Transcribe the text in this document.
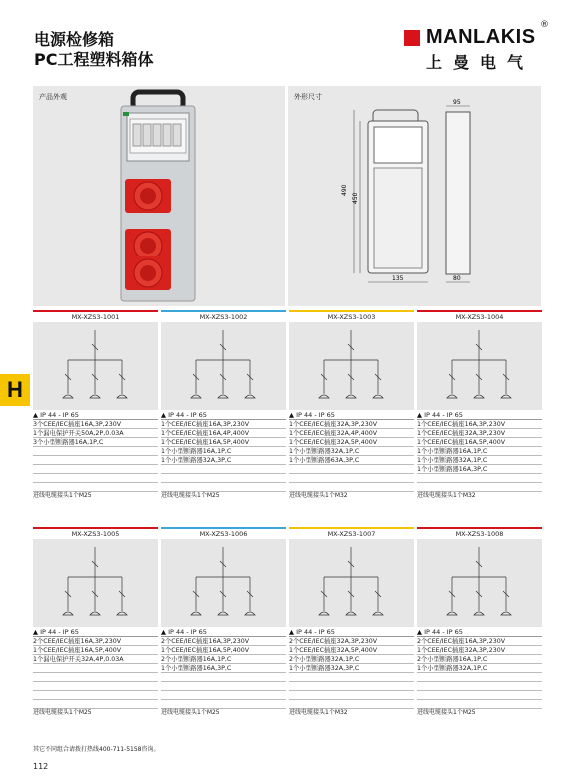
电源检修箱
PC工程塑料箱体
MANLAKIS
®
上曼电气
产品外观	外形尺寸
490
450
135
95
80
H
MX-XZS3-1001
▲ IP 44 - IP 65
3个CEE/IEC插座16A,3P,230V
1个漏电保护开关50A,2P,0.03A
3个小型断路器16A,1P,C
进线电缆接头1个M25
MX-XZS3-1002
▲ IP 44 - IP 65
1个CEE/IEC插座16A,3P,230V
1个CEE/IEC插座16A,4P,400V
1个CEE/IEC插座16A,5P,400V
1个小型断路器16A,1P,C
1个小型断路器32A,3P,C
进线电缆接头1个M25
MX-XZS3-1003
▲ IP 44 - IP 65
1个CEE/IEC插座32A,3P,230V
1个CEE/IEC插座32A,4P,400V
1个CEE/IEC插座32A,5P,400V
1个小型断路器32A,1P,C
1个小型断路器63A,3P,C
进线电缆接头1个M32
MX-XZS3-1004
▲ IP 44 - IP 65
1个CEE/IEC插座16A,3P,230V
1个CEE/IEC插座32A,3P,230V
1个CEE/IEC插座16A,5P,400V
1个小型断路器16A,1P,C
1个小型断路器32A,1P,C
1个小型断路器16A,3P,C
进线电缆接头1个M32
MX-XZS3-1005
▲ IP 44 - IP 65
2个CEE/IEC插座16A,3P,230V
1个CEE/IEC插座16A,5P,400V
1个漏电保护开关32A,4P,0.03A
进线电缆接头1个M25
MX-XZS3-1006
▲ IP 44 - IP 65
2个CEE/IEC插座16A,3P,230V
1个CEE/IEC插座16A,5P,400V
2个小型断路器16A,1P,C
1个小型断路器16A,3P,C
进线电缆接头1个M25
MX-XZS3-1007
▲ IP 44 - IP 65
2个CEE/IEC插座32A,3P,230V
1个CEE/IEC插座32A,5P,400V
2个小型断路器32A,1P,C
1个小型断路器32A,3P,C
进线电缆接头1个M32
MX-XZS3-1008
▲ IP 44 - IP 65
2个CEE/IEC插座16A,3P,230V
1个CEE/IEC插座32A,3P,230V
2个小型断路器16A,1P,C
1个小型断路器32A,1P,C
进线电缆接头1个M25
其它不同组合请拨打热线400-711-5158咨询。
112
